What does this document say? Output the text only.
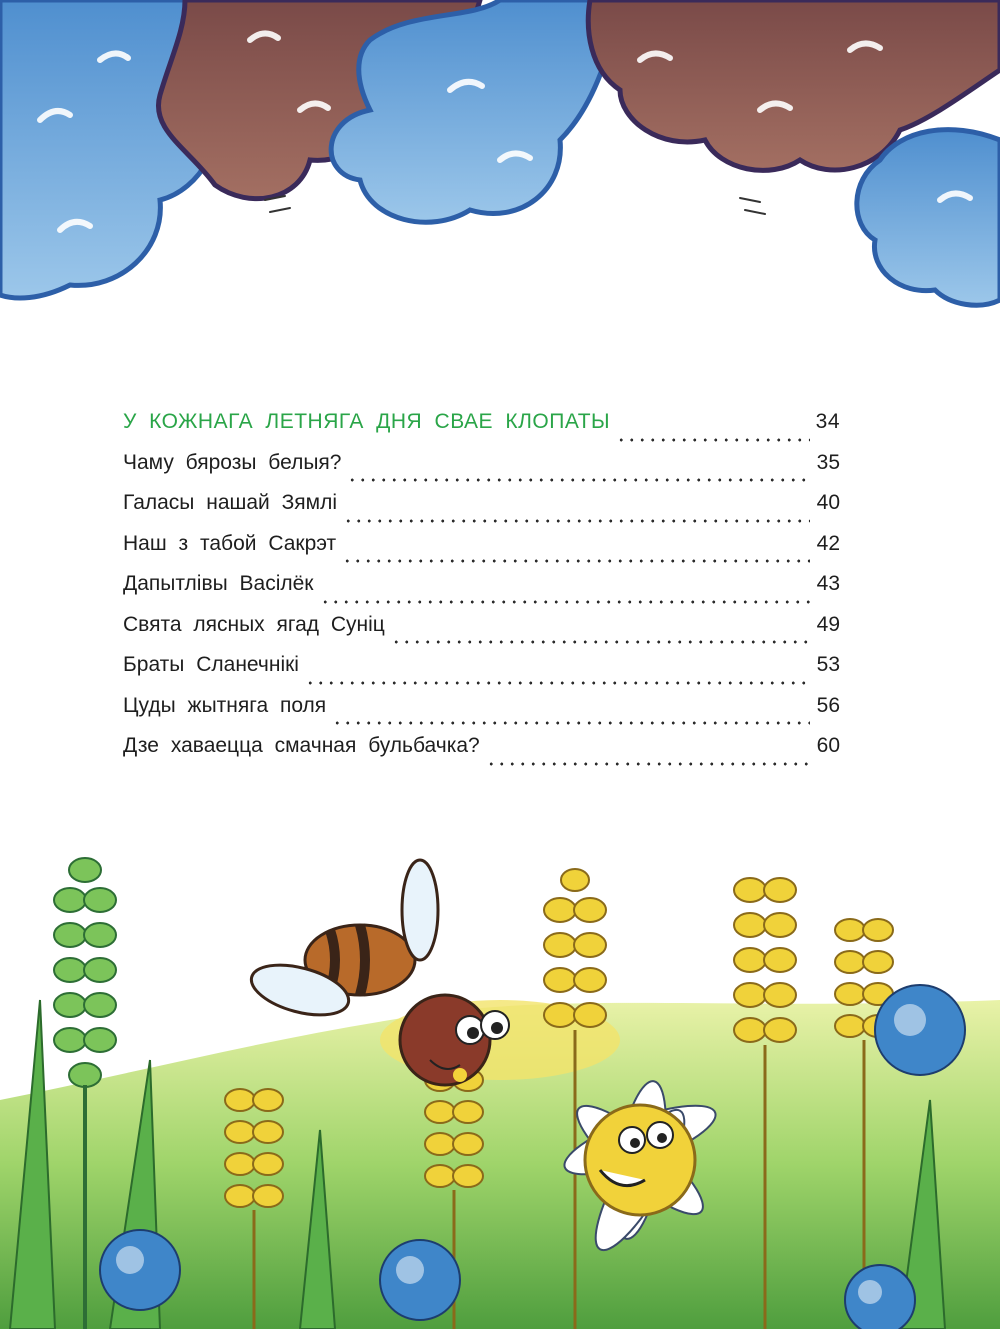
У КОЖНАГА ЛЕТНЯГА ДНЯ СВАЕ КЛОПАТЫ	34
Чаму бярозы белыя?	35
Галасы нашай Зямлі	40
Наш з табой Сакрэт	42
Дапытлівы Васілёк	43
Свята лясных ягад Суніц	49
Браты Сланечнікі	53
Цуды жытняга поля	56
Дзе хаваецца смачная бульбачка?	60
